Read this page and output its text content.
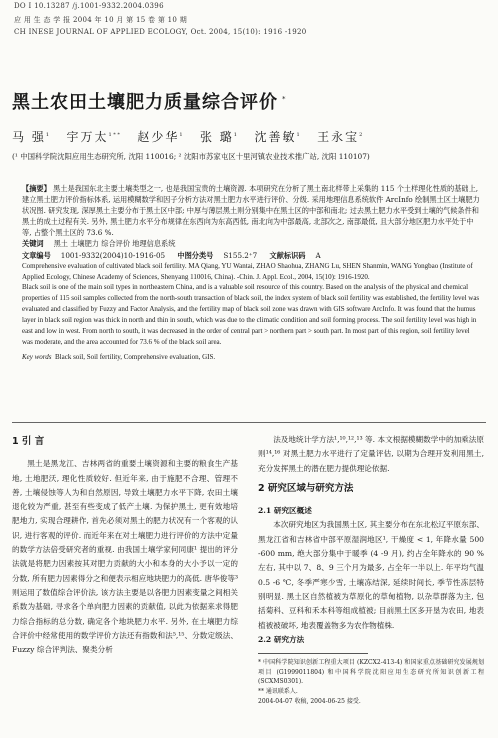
DO I 10.13287 /j.1001-9332.2004.0396
应 用 生 态 学 报 2004 年 10 月 第 15 卷 第 10 期
CH INESE JOURNAL OF APPLIED ECOLOGY, Oct. 2004, 15(10): 1916 -1920
黑土农田土壤肥力质量综合评价 *
马 强$^1$ 宇万太$^{1 * *}$ 赵少华$^1$ 张 璐$^1$ 沈善敏$^1$ 王永宝$^2$
(¹ 中国科学院沈阳应用生态研究所, 沈阳 110016; ² 沈阳市苏家屯区十里河镇农业技术推广站, 沈阳 110107)

【摘要】 黑土是我国东北主要土壤类型之一, 也是我国宝贵的土壤资源. 本项研究在分析了黑土南北样带上采集的 115 个土样理化性质的基础上, 建立黑土肥力评价指标体系, 运用模糊数学和因子分析方法对黑土肥力水平进行评价、分级. 采用地理信息系统软件 ArcInfo 绘制黑土区土壤肥力状况图. 研究发现, 深厚黑土主要分布于黑土区中部; 中厚与薄层黑土则分别集中在黑土区的中部和南北; 过去黑土肥力水平受到土壤的气候条件和黑土的成土过程有关. 另外, 黑土肥力水平分布规律在东西向为东高西低, 南北向为中部最高, 北部次之, 南部最低, 且大部分地区肥力水平处于中等, 占整个黑土区的 73.6 %.

关键词 黑土 土壤肥力 综合评价 地理信息系统

文章编号 1001-9332(2004)10-1916-05 中图分类号 S155.2⁺7 文献标识码 A

Comprehensive evaluation of cultivated black soil fertility. MA Qiang, YU Wantai, ZHAO Shaohua, ZHANG Lu, SHEN Shanmin, WANG Yongbao (Institute of Applied Ecology, Chinese Academy of Sciences, Shenyang 110016, China). -Chin. J. Appl. Ecol., 2004, 15(10): 1916-1920.

Black soil is one of the main soil types in northeastern China, and is a valuable soil resource of this country. Based on the analysis of the physical and chemical properties of 115 soil samples collected from the north-south transaction of black soil, the index system of black soil fertility was established, the fertility level was evaluated and classified by Fuzzy and Factor Analysis, and the fertility map of black soil zone was drawn with GIS software ArcInfo. It was found that the humus layer in black soil region was thick in north and thin in south, which was due to the climatic condition and soil forming process. The soil fertility level was high in east and low in west. From north to south, it was decreased in the order of central part > northern part > south part. In most part of this region, soil fertility level was moderate, and the area accounted for 73.6 % of the black soil area.

Key words Black soil, Soil fertility, Comprehensive evaluation, GIS.

1 引 言

黑土是黑龙江、吉林两省的重要土壤资源和主要的粮食生产基地, 土地肥沃, 理化性质较好. 但近年来, 由于施肥不合理、管理不善, 土壤侵蚀等人为和自然原因, 导致土壤肥力水平下降, 农田土壤退化较为严重, 甚至有些变成了低产土壤. 为保护黑土, 更有效地培肥地力, 实现合理耕作, 首先必须对黑土的肥力状况有一个客观的认识, 进行客观的评价. 而近年来在对土壤肥力进行评价的方法中定量的数学方法倍受研究者的重视. 由我国土壤学家何同康¹ 提出的评分法就是将肥力因素按其对肥力贡献的大小和本身的大小予以一定的分数, 所有肥力因素得分之和便表示相应地块肥力的高低. 唐华俊等³ 则运用了数值综合评价法, 该方法主要是以各肥力因素变量之间相关系数为基础, 寻求各个单向肥力因素的贡献值, 以此为依据来求得肥力综合指标的总分数, 确定各个地块肥力水平. 另外, 在土壤肥力综合评价中经常使用的数学评价方法还有指数和法⁵,¹⁵、分数定级法、Fuzzy 综合评判法、聚类分析

法及地统计学方法¹,¹⁰,¹²,¹³ 等. 本文根据模糊数学中的加乘法原则¹⁴,¹⁶ 对黑土肥力水平进行了定量评估, 以期为合理开发利用黑土, 充分发挥黑土的潜在肥力提供理论依据.

2 研究区域与研究方法

2.1 研究区概述

本次研究地区为我国黑土区, 其主要分布在东北松辽平原东部、黑龙江省和吉林省中部平原湿润地区¹, 干燥度 < 1, 年降水量 500 -600 mm, 绝大部分集中于暖季 (4 -9 月), 约占全年降水的 90 %左右, 其中以 7、8、9 三个月为最多, 占全年一半以上. 年平均气温 0.5 -6 ℃, 冬季严寒少雪, 土壤冻结深, 延续时间长, 季节性冻层特别明显. 黑土区自然植被为草原化的草甸植物, 以杂草群落为主, 包括菊科、豆科和禾本科等组成植被; 目前黑土区多开垦为农田, 地表植被被破坏, 地表覆盖物多为农作物植株.

2.2 研究方法

* 中国科学院知识创新工程重大项目 (KZCX2-413-4) 和国家重点基础研究发展规划项目 (G1999011804) 和中国科学院沈阳应用生态研究所知识创新工程 (SCXMS0301).

** 通讯联系人.

2004-04-07 收稿, 2004-06-25 接受.
